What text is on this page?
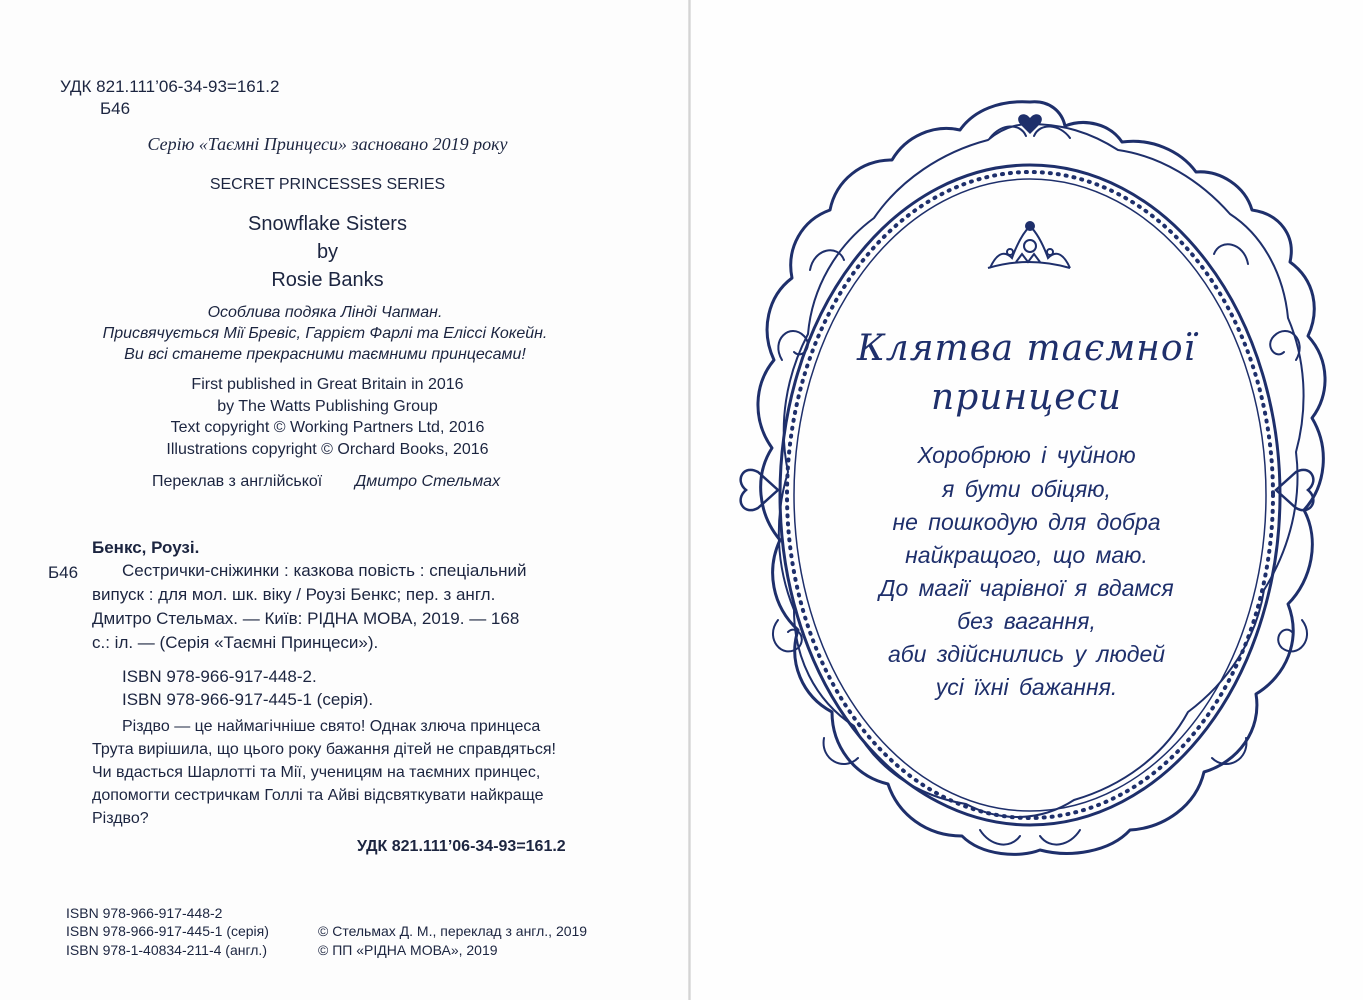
УДК 821.111’06-34-93=161.2
Б46
Серію «Таємні Принцеси» засновано 2019 року
SECRET PRINCESSES SERIES
Snowflake Sisters
by
Rosie Banks
Особлива подяка Лінді Чапман.
Присвячується Мії Бревіс, Гаррієт Фарлі та Еліссі Кокейн.
Ви всі станете прекрасними таємними принцесами!
First published in Great Britain in 2016
by The Watts Publishing Group
Text copyright © Working Partners Ltd, 2016
Illustrations copyright © Orchard Books, 2016
Переклав з англійської Дмитро Стельмах
Бенкс, Роузі.
Б46	Сестрички-сніжинки : казкова повість : спеціальний
випуск : для мол. шк. віку / Роузі Бенкс; пер. з англ.
Дмитро Стельмах. — Київ: РІДНА МОВА, 2019. — 168
с.: іл. — (Серія «Таємні Принцеси»).
ISBN 978-966-917-448-2.
ISBN 978-966-917-445-1 (серія).
Різдво — це наймагічніше свято! Однак злюча принцеса
Трута вирішила, що цього року бажання дітей не справдяться!
Чи вдасться Шарлотті та Мії, ученицям на таємних принцес,
допомогти сестричкам Голлі та Айві відсвяткувати найкраще
Різдво?
УДК 821.111’06-34-93=161.2
ISBN 978-966-917-448-2
ISBN 978-966-917-445-1 (серія)
ISBN 978-1-40834-211-4 (англ.)
© Стельмах Д. М., переклад з англ., 2019
© ПП «РІДНА МОВА», 2019
Клятва таємної
принцеси
Хоробрюю і чуйною
я бути обіцяю,
не пошкодую для добра
найкращого, що маю.
До магії чарівної я вдамся
без вагання,
аби здійснились у людей
усі їхні бажання.
